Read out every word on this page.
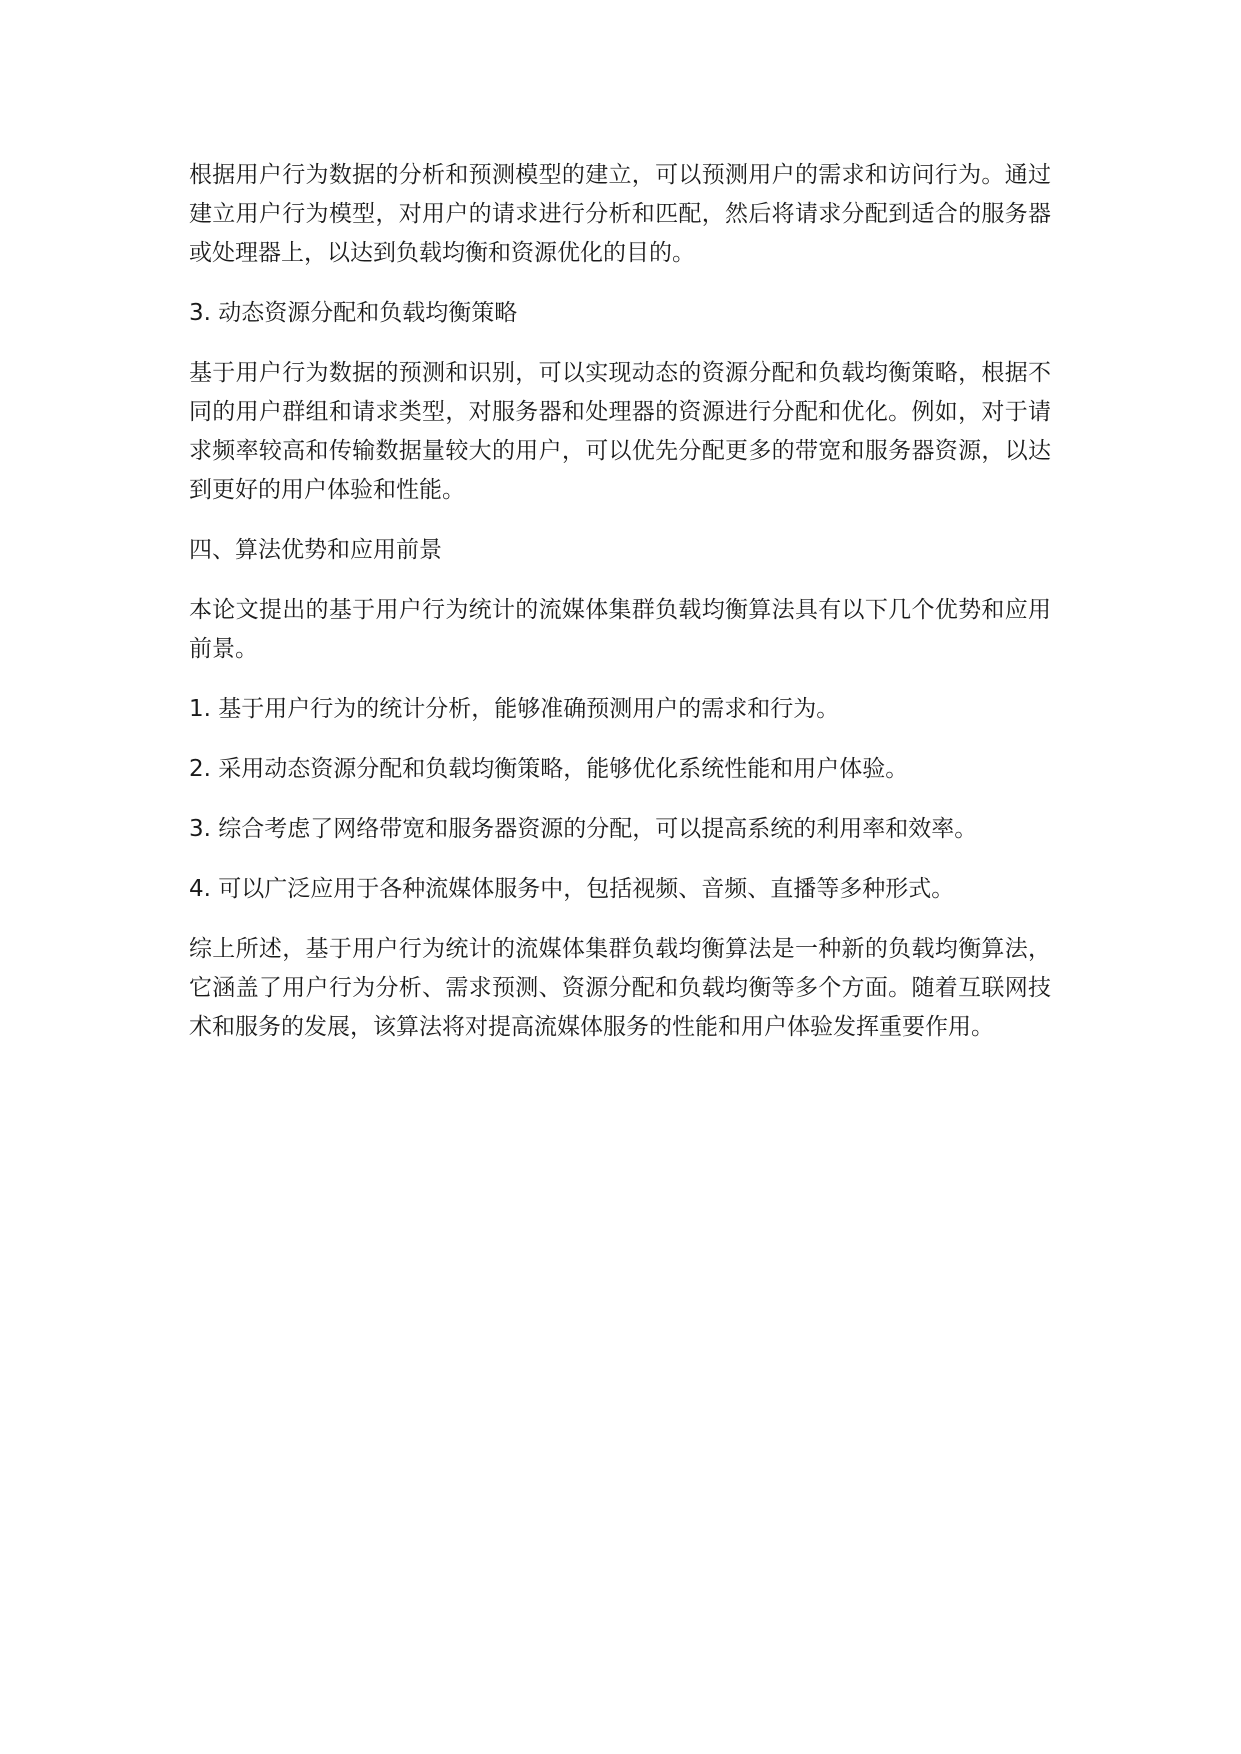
根据用户行为数据的分析和预测模型的建立，可以预测用户的需求和访问行为。通过建立用户行为模型，对用户的请求进行分析和匹配，然后将请求分配到适合的服务器或处理器上，以达到负载均衡和资源优化的目的。

3. 动态资源分配和负载均衡策略

基于用户行为数据的预测和识别，可以实现动态的资源分配和负载均衡策略，根据不同的用户群组和请求类型，对服务器和处理器的资源进行分配和优化。例如，对于请求频率较高和传输数据量较大的用户，可以优先分配更多的带宽和服务器资源，以达到更好的用户体验和性能。

四、算法优势和应用前景

本论文提出的基于用户行为统计的流媒体集群负载均衡算法具有以下几个优势和应用前景。

1. 基于用户行为的统计分析，能够准确预测用户的需求和行为。

2. 采用动态资源分配和负载均衡策略，能够优化系统性能和用户体验。

3. 综合考虑了网络带宽和服务器资源的分配，可以提高系统的利用率和效率。

4. 可以广泛应用于各种流媒体服务中，包括视频、音频、直播等多种形式。

综上所述，基于用户行为统计的流媒体集群负载均衡算法是一种新的负载均衡算法，它涵盖了用户行为分析、需求预测、资源分配和负载均衡等多个方面。随着互联网技术和服务的发展，该算法将对提高流媒体服务的性能和用户体验发挥重要作用。
